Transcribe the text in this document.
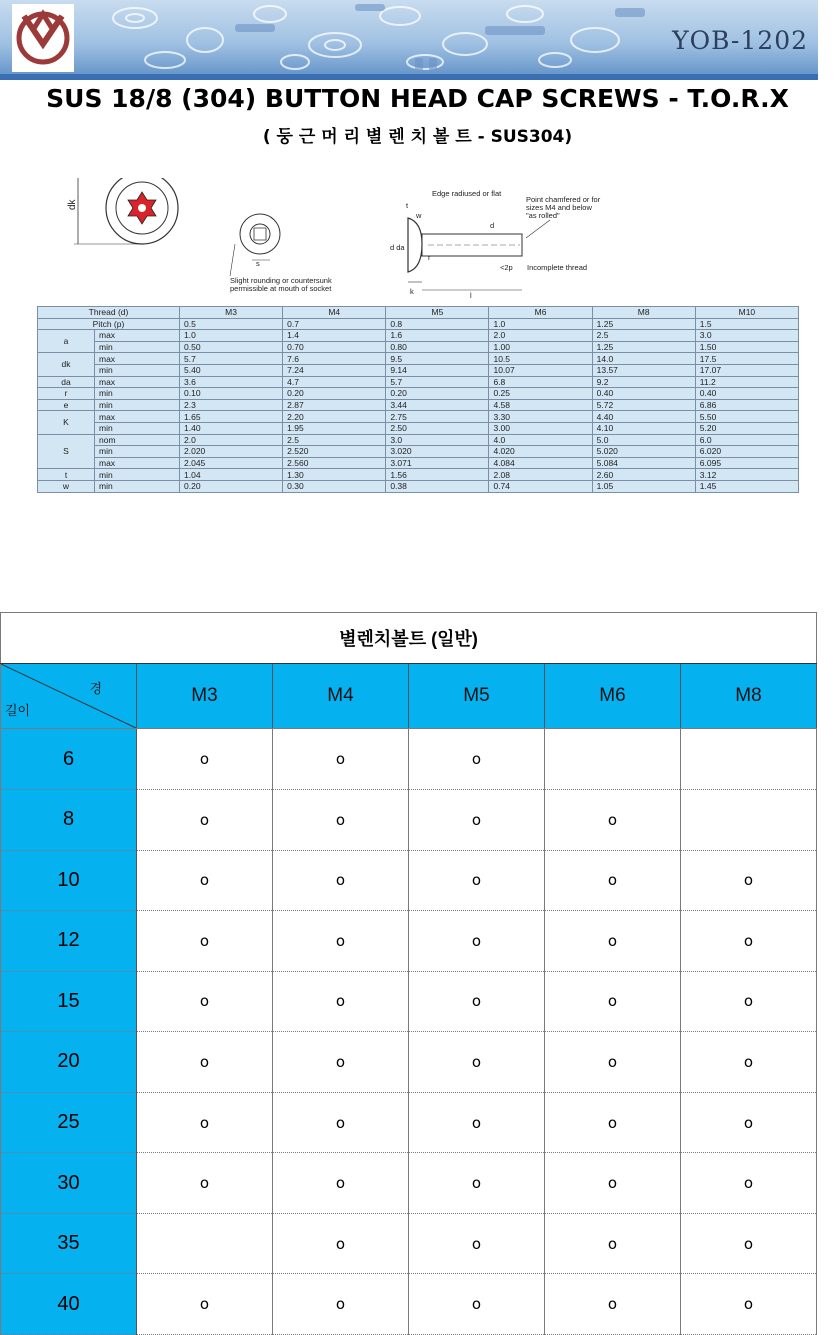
YOB-1202
SUS 18/8 (304) BUTTON HEAD CAP SCREWS - T.O.R.X
( 둥 근 머 리 별 렌 치 볼 트 - SUS304)
dk
s
Slight rounding or countersunk
permissible at mouth of socket	k	l
<2p Incomplete thread
t
w
d
d da
r
Edge radiused or flat
Point chamfered or for
sizes M4 and below
"as rolled"
Thread (d)		M3	M4	M5	M6	M8	M10
Pitch (p)		0.5	0.7	0.8	1.0	1.25	1.5
a	max	1.0	1.4	1.6	2.0	2.5	3.0
	min	0.50	0.70	0.80	1.00	1.25	1.50
dk	max	5.7	7.6	9.5	10.5	14.0	17.5
	min	5.40	7.24	9.14	10.07	13.57	17.07
da	max	3.6	4.7	5.7	6.8	9.2	11.2
r	min	0.10	0.20	0.20	0.25	0.40	0.40
e	min	2.3	2.87	3.44	4.58	5.72	6.86
K	max	1.65	2.20	2.75	3.30	4.40	5.50
	min	1.40	1.95	2.50	3.00	4.10	5.20
S	nom	2.0	2.5	3.0	4.0	5.0	6.0
	min	2.020	2.520	3.020	4.020	5.020	6.020
	max	2.045	2.560	3.071	4.084	5.084	6.095
t	min	1.04	1.30	1.56	2.08	2.60	3.12
w	min	0.20	0.30	0.38	0.74	1.05	1.45
별렌치볼트 (일반)					

경
길이	M3	M4	M5	M6	M8
6	o	o	o		
8	o	o	o	o	
10	o	o	o	o	o
12	o	o	o	o	o
15	o	o	o	o	o
20	o	o	o	o	o
25	o	o	o	o	o
30	o	o	o	o	o
35		o	o	o	o
40	o	o	o	o	o
